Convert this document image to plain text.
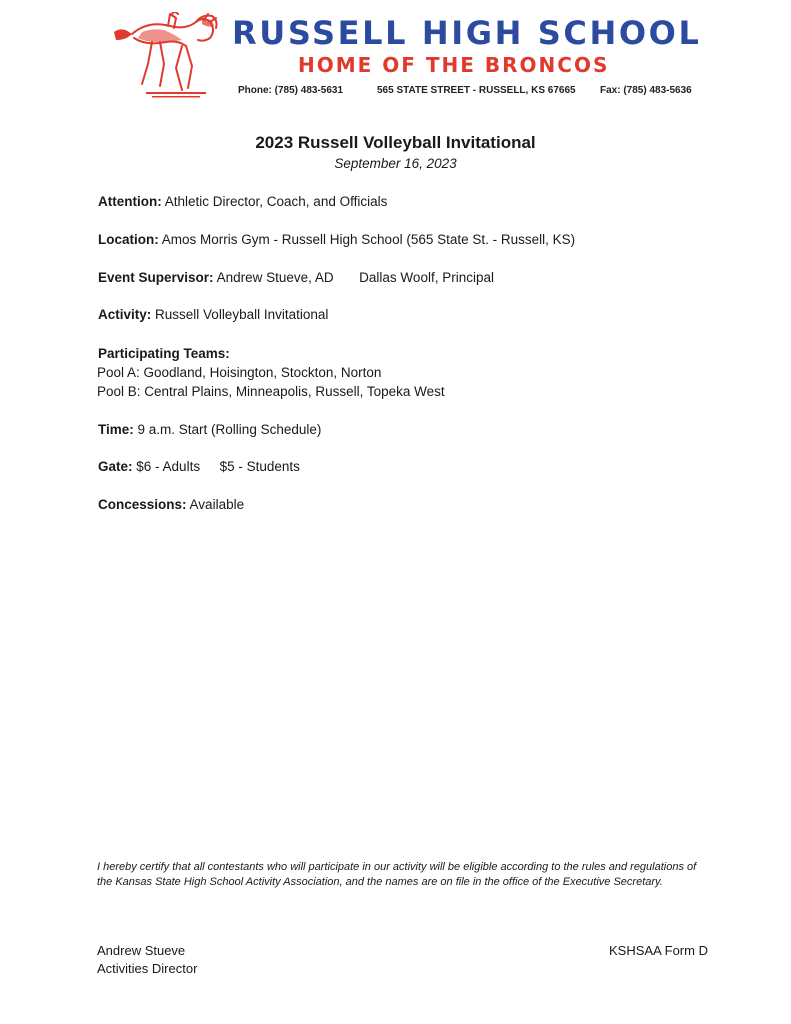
RUSSELL HIGH SCHOOL
HOME OF THE BRONCOS
Phone: (785) 483-5631	565 STATE STREET - RUSSELL, KS 67665 Fax: (785) 483-5636
2023 Russell Volleyball Invitational
September 16, 2023
Attention: Athletic Director, Coach, and Officials
Location: Amos Morris Gym - Russell High School (565 State St. - Russell, KS)
Event Supervisor: Andrew Stueve, AD Dallas Woolf, Principal
Activity: Russell Volleyball Invitational
Participating Teams:
Pool A: Goodland, Hoisington, Stockton, Norton
Pool B: Central Plains, Minneapolis, Russell, Topeka West
Time: 9 a.m. Start (Rolling Schedule)
Gate: $6 - Adults $5 - Students
Concessions: Available
I hereby certify that all contestants who will participate in our activity will be eligible according to the rules and regulations of the Kansas State High School Activity Association, and the names are on file in the office of the Executive Secretary.
Andrew Stueve
Activities Director
KSHSAA Form D
